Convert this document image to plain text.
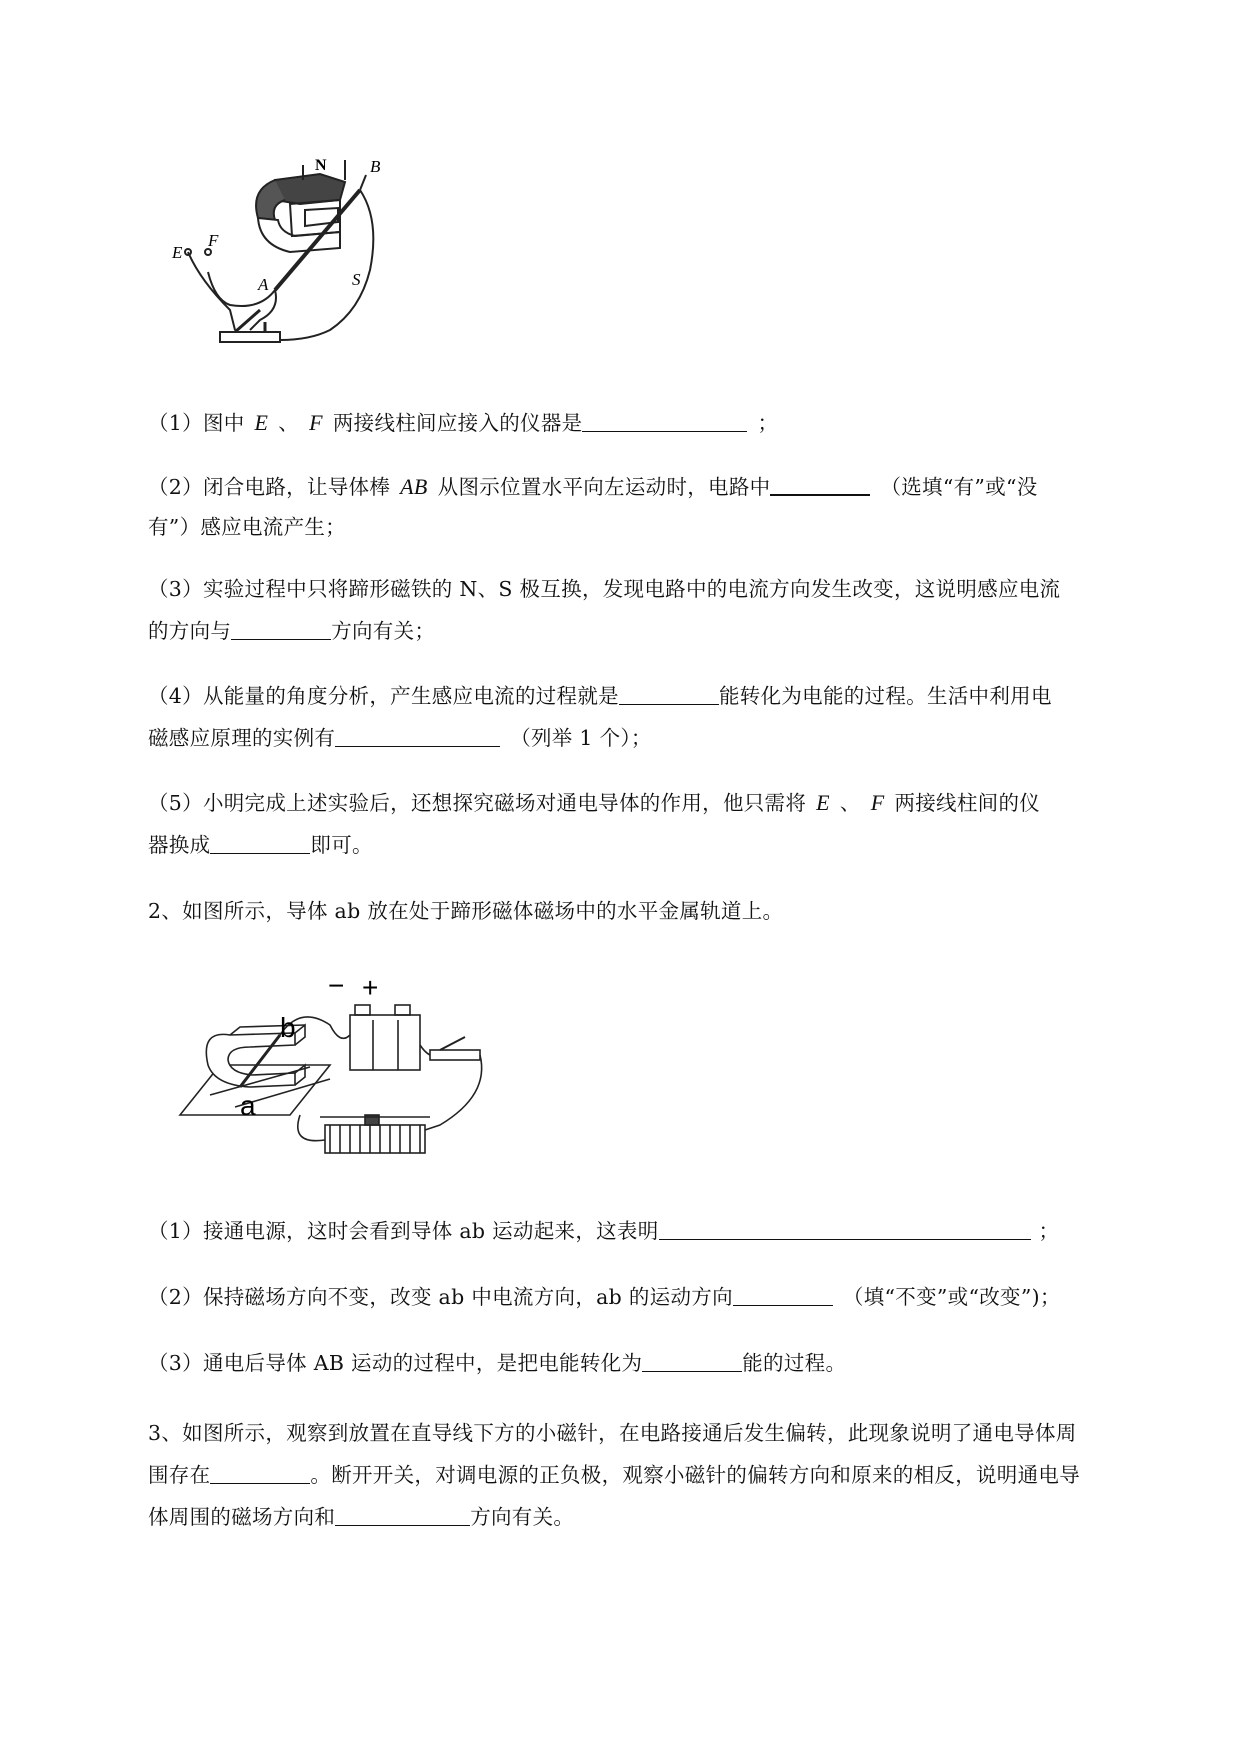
N	B
E
F
A	S
（1）图中 E 、 F 两接线柱间应接入的仪器是	；
（2）闭合电路，让导体棒 AB 从图示位置水平向左运动时，电路中	（选填“有”或“没
有”）感应电流产生；
（3）实验过程中只将蹄形磁铁的 N、S 极互换，发现电路中的电流方向发生改变，这说明感应电流
的方向与	方向有关；
（4）从能量的角度分析，产生感应电流的过程就是	能转化为电能的过程。生活中利用电
磁感应原理的实例有	（列举 1 个）；
（5）小明完成上述实验后，还想探究磁场对通电导体的作用，他只需将 E 、 F 两接线柱间的仪
器换成	即可。
2、如图所示，导体 ab 放在处于蹄形磁体磁场中的水平金属轨道上。
− +
b
a
（1）接通电源，这时会看到导体 ab 运动起来，这表明	；
（2）保持磁场方向不变，改变 ab 中电流方向，ab 的运动方向	（填“不变”或“改变”)；
（3）通电后导体 AB 运动的过程中，是把电能转化为	能的过程。
3、如图所示，观察到放置在直导线下方的小磁针，在电路接通后发生偏转，此现象说明了通电导体周
围存在	。断开开关，对调电源的正负极，观察小磁针的偏转方向和原来的相反，说明通电导
体周围的磁场方向和	方向有关。
